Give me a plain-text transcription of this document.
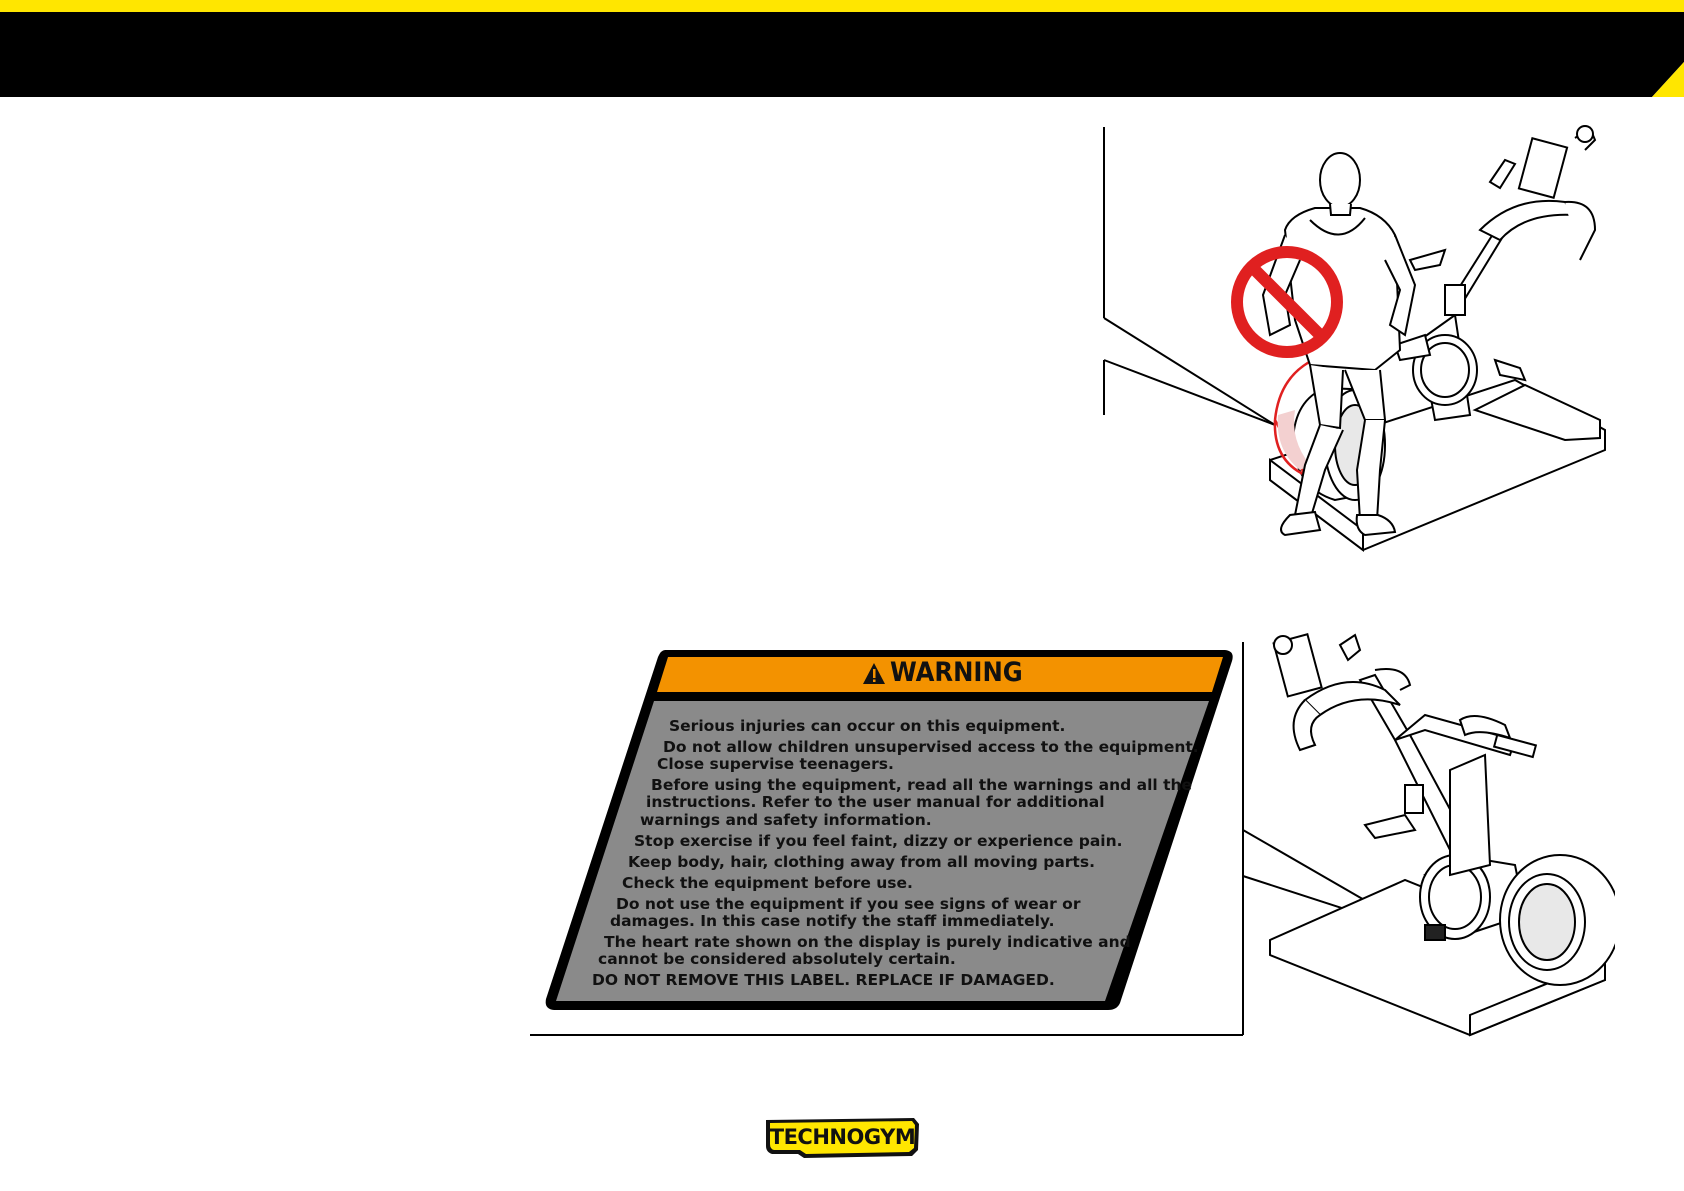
WARNING
Serious injuries can occur on this equipment.
Do not allow children unsupervised access to the equipment.
Close supervise teenagers.
Before using the equipment, read all the warnings and all the
instructions. Refer to the user manual for additional
warnings and safety information.
Stop exercise if you feel faint, dizzy or experience pain.
Keep body, hair, clothing away from all moving parts.
Check the equipment before use.
Do not use the equipment if you see signs of wear or
damages. In this case notify the staff immediately.
The heart rate shown on the display is purely indicative and
cannot be considered absolutely certain.
DO NOT REMOVE THIS LABEL. REPLACE IF DAMAGED.
TECHNOGYM
